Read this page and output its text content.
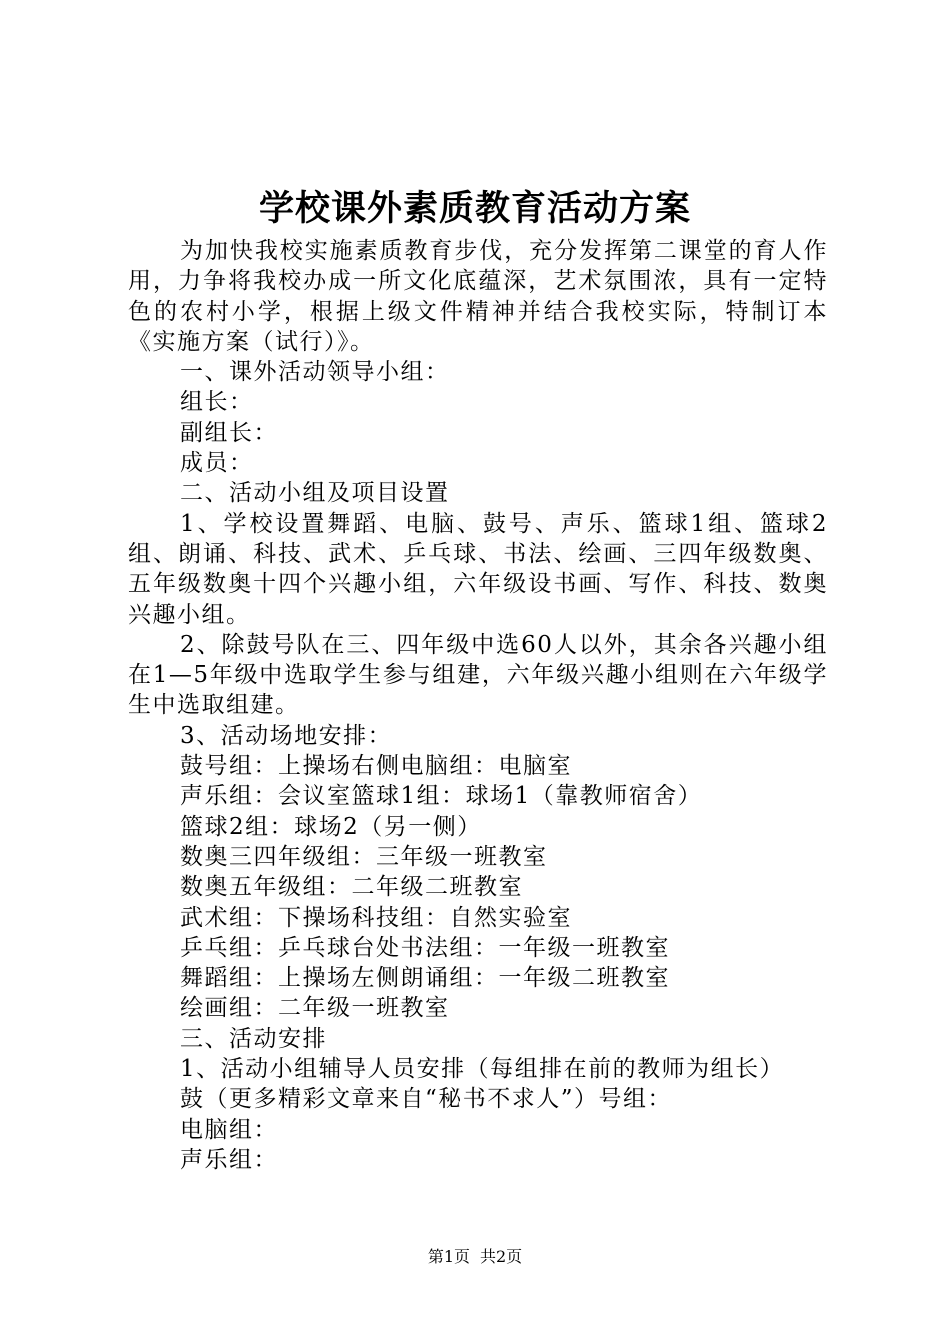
学校课外素质教育活动方案

为加快我校实施素质教育步伐，充分发挥第二课堂的育人作用，力争将我校办成一所文化底蕴深，艺术氛围浓，具有一定特色的农村小学，根据上级文件精神并结合我校实际，特制订本《实施方案（试行）》。

一、课外活动领导小组：

组长：

副组长：

成员：

二、活动小组及项目设置

1、学校设置舞蹈、电脑、鼓号、声乐、篮球1组、篮球2组、朗诵、科技、武术、乒乓球、书法、绘画、三四年级数奥、五年级数奥十四个兴趣小组，六年级设书画、写作、科技、数奥兴趣小组。

2、除鼓号队在三、四年级中选60人以外，其余各兴趣小组在1—5年级中选取学生参与组建，六年级兴趣小组则在六年级学生中选取组建。

3、活动场地安排：

鼓号组：上操场右侧电脑组：电脑室

声乐组：会议室篮球1组：球场1（靠教师宿舍）

篮球2组：球场2（另一侧）

数奥三四年级组：三年级一班教室

数奥五年级组：二年级二班教室

武术组：下操场科技组：自然实验室

乒乓组：乒乓球台处书法组：一年级一班教室

舞蹈组：上操场左侧朗诵组：一年级二班教室

绘画组：二年级一班教室

三、活动安排

1、活动小组辅导人员安排（每组排在前的教师为组长）

鼓（更多精彩文章来自“秘书不求人”）号组：

电脑组：

声乐组：

第1页 共2页
